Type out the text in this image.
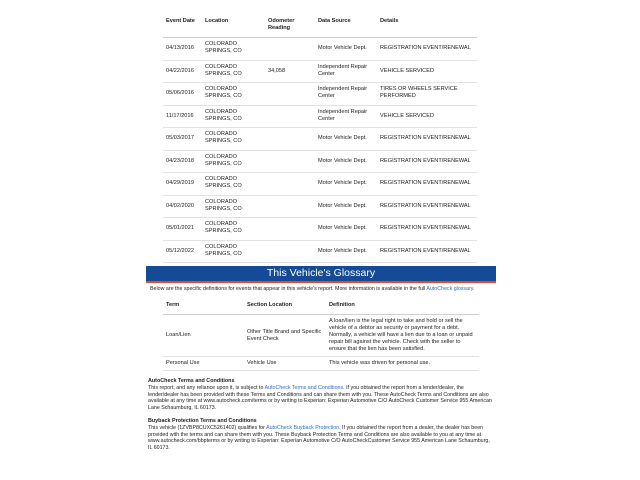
Event Date	Location	Odometer Reading	Data Source	Details
04/13/2016	COLORADO SPRINGS, CO		Motor Vehicle Dept.	REGISTRATION EVENT/RENEWAL
04/22/2016	COLORADO SPRINGS, CO	34,058	Independent Repair Center	VEHICLE SERVICED
05/06/2016	COLORADO SPRINGS, CO		Independent Repair Center	TIRES OR WHEELS SERVICE PERFORMED
11/17/2016	COLORADO SPRINGS, CO		Independent Repair Center	VEHICLE SERVICED
05/03/2017	COLORADO SPRINGS, CO		Motor Vehicle Dept.	REGISTRATION EVENT/RENEWAL
04/23/2018	COLORADO SPRINGS, CO		Motor Vehicle Dept.	REGISTRATION EVENT/RENEWAL
04/29/2019	COLORADO SPRINGS, CO		Motor Vehicle Dept.	REGISTRATION EVENT/RENEWAL
04/02/2020	COLORADO SPRINGS, CO		Motor Vehicle Dept.	REGISTRATION EVENT/RENEWAL
05/01/2021	COLORADO SPRINGS, CO		Motor Vehicle Dept.	REGISTRATION EVENT/RENEWAL
05/12/2022	COLORADO SPRINGS, CO		Motor Vehicle Dept.	REGISTRATION EVENT/RENEWAL
This Vehicle's Glossary
Below are the specific definitions for events that appear in this vehicle's report. More information is available in the full AutoCheck glossary.
Term	Section Location	Definition
Loan/Lien	Other Title Brand and Specific Event Check	A loan/lien is the legal right to take and hold or sell the vehicle of a debtor as security or payment for a debt. Normally, a vehicle will have a lien due to a loan or unpaid repair bill against the vehicle. Check with the seller to ensure that the lien has been satisfied.
Personal Use	Vehicle Use	This vehicle was driven for personal use.
AutoCheck Terms and Conditions

This report, and any reliance upon it, is subject to AutoCheck Terms and Conditions. If you obtained the report from a lender/dealer, the lender/dealer has been provided with these Terms and Conditions and can share them with you. These AutoCheck Terms and Conditions are also available at any time at www.autocheck.com/terms or by writing to Experian: Experian Automotive C/O AutoCheck Customer Service 955 American Lane Schaumburg, IL 60173.

Buyback Protection Terms and Conditions

This vehicle (1ZVBP8CUXC5261402) qualifies for AutoCheck Buyback Protection. If you obtained the report from a dealer, the dealer has been provided with the terms and can share them with you. These Buyback Protection Terms and Conditions are also available to you at any time at www.autocheck.com/bbpterms or by writing to Experian: Experian Automotive C/O AutoCheckCustomer Service 955 American Lane Schaumburg, IL 60173.
